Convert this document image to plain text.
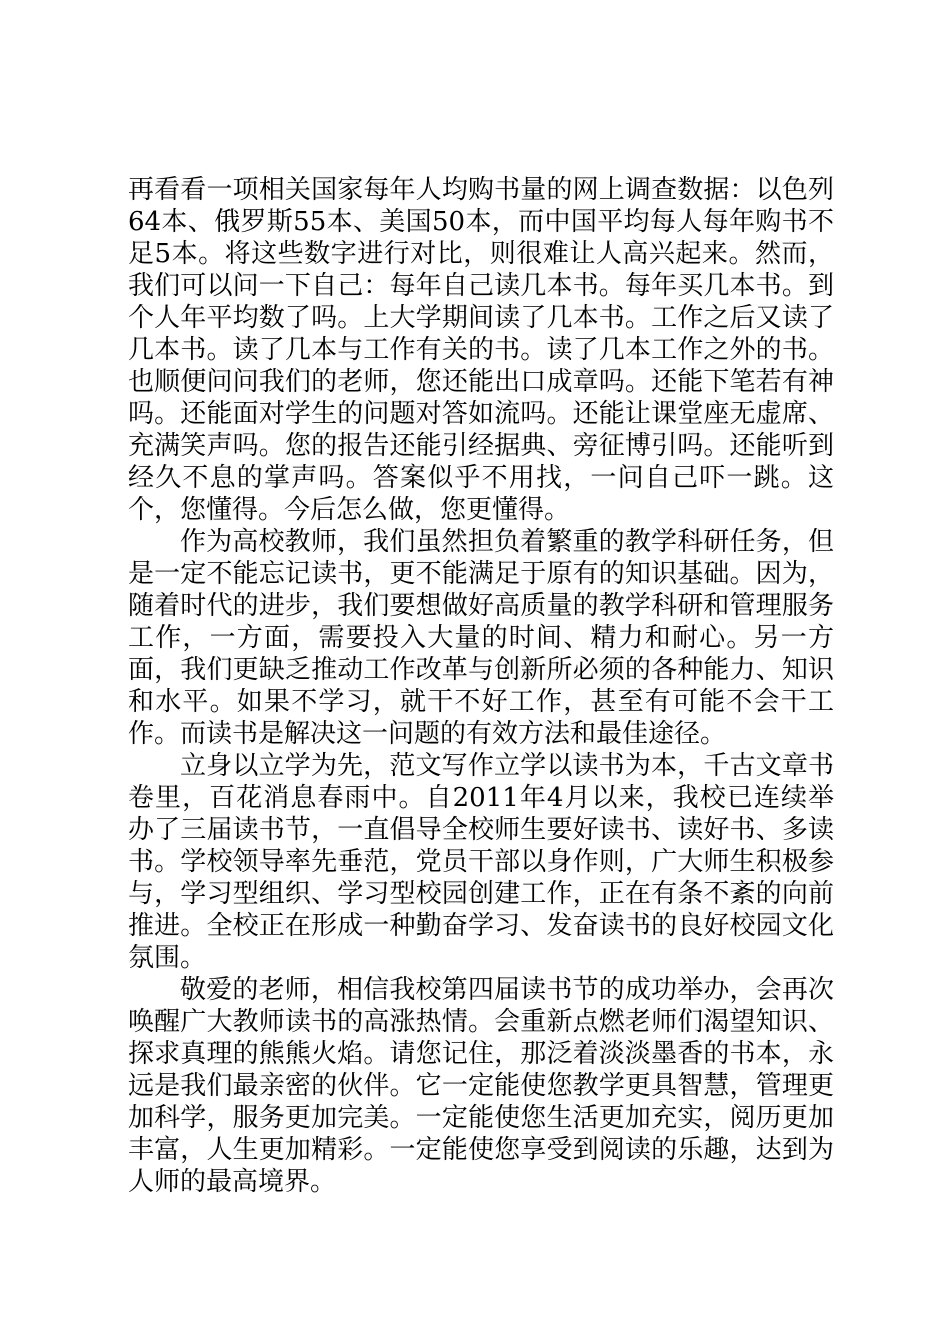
再看看一项相关国家每年人均购书量的网上调查数据：以色列64本、俄罗斯55本、美国50本，而中国平均每人每年购书不足5本。将这些数字进行对比，则很难让人高兴起来。然而，我们可以问一下自己：每年自己读几本书。每年买几本书。到个人年平均数了吗。上大学期间读了几本书。工作之后又读了几本书。读了几本与工作有关的书。读了几本工作之外的书。也顺便问问我们的老师，您还能出口成章吗。还能下笔若有神吗。还能面对学生的问题对答如流吗。还能让课堂座无虚席、充满笑声吗。您的报告还能引经据典、旁征博引吗。还能听到经久不息的掌声吗。答案似乎不用找，一问自己吓一跳。这个，您懂得。今后怎么做，您更懂得。

作为高校教师，我们虽然担负着繁重的教学科研任务，但是一定不能忘记读书，更不能满足于原有的知识基础。因为，随着时代的进步，我们要想做好高质量的教学科研和管理服务工作，一方面，需要投入大量的时间、精力和耐心。另一方面，我们更缺乏推动工作改革与创新所必须的各种能力、知识和水平。如果不学习，就干不好工作，甚至有可能不会干工作。而读书是解决这一问题的有效方法和最佳途径。

立身以立学为先，范文写作立学以读书为本，千古文章书卷里，百花消息春雨中。自2011年4月以来，我校已连续举办了三届读书节，一直倡导全校师生要好读书、读好书、多读书。学校领导率先垂范，党员干部以身作则，广大师生积极参与，学习型组织、学习型校园创建工作，正在有条不紊的向前推进。全校正在形成一种勤奋学习、发奋读书的良好校园文化氛围。

敬爱的老师，相信我校第四届读书节的成功举办，会再次唤醒广大教师读书的高涨热情。会重新点燃老师们渴望知识、探求真理的熊熊火焰。请您记住，那泛着淡淡墨香的书本，永远是我们最亲密的伙伴。它一定能使您教学更具智慧，管理更加科学，服务更加完美。一定能使您生活更加充实，阅历更加丰富，人生更加精彩。一定能使您享受到阅读的乐趣，达到为人师的最高境界。
